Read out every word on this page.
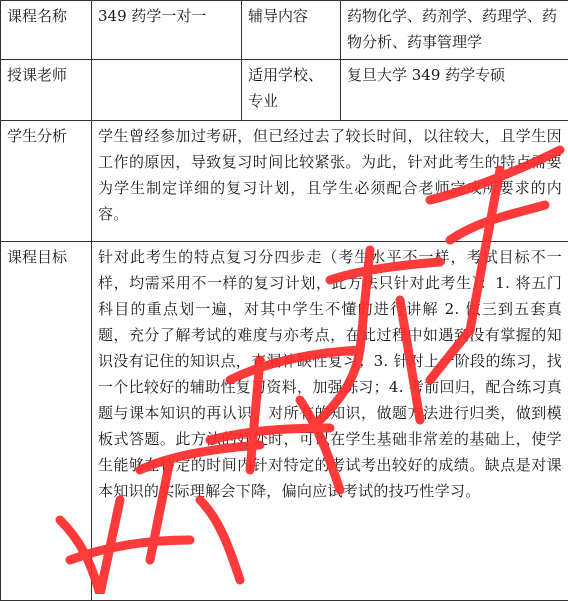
课程名称	349 药学一对一	辅导内容	药物化学、药剂学、药理学、药物分析、药事管理学
授课老师		适用学校、专业	复旦大学 349 药学专硕
学生分析	学生曾经参加过考研，但已经过去了较长时间，以往较大，且学生因工作的原因，导致复习时间比较紧张。为此，针对此考生的特点需要为学生制定详细的复习计划，且学生必须配合老师完成所要求的内容。		
课程目标	针对此考生的特点复习分四步走（考生水平不一样，考试目标不一样，均需采用不一样的复习计划，此方法只针对此考生）：1. 将五门科目的重点划一遍，对其中学生不懂的进行讲解 2. 做三到五套真题，充分了解考试的难度与亦考点，在此过程中如遇到没有掌握的知识没有记住的知识点，查漏补缺性复习；3. 针对上一阶段的练习，找一个比较好的辅助性复习资料，加强练习；4. 考前回归，配合练习真题与课本知识的再认识，对所有的知识，做题方法进行归类，做到模板式答题。此方法的好处时，可以在学生基础非常差的基础上，使学生能够在特定的时间内针对特定的考试考出较好的成绩。缺点是对课本知识的实际理解会下降，偏向应试考试的技巧性学习。		
